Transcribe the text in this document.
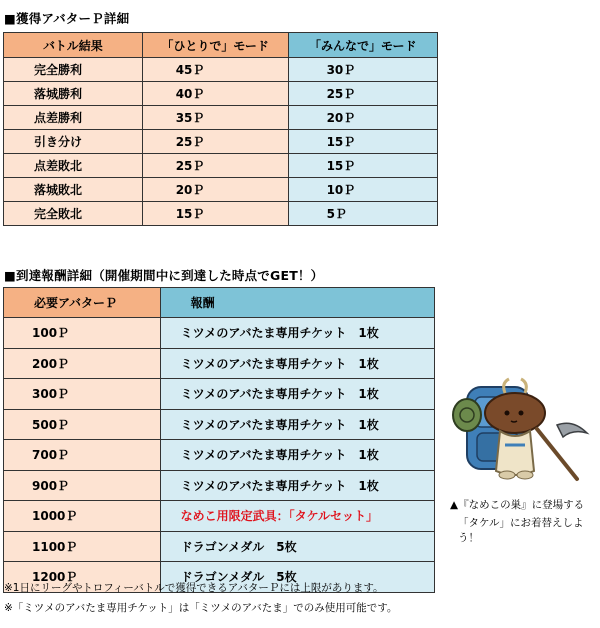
■獲得アバターＰ詳細
バトル結果	「ひとりで」モード	「みんなで」モード
完全勝利	45Ｐ	30Ｐ
落城勝利	40Ｐ	25Ｐ
点差勝利	35Ｐ	20Ｐ
引き分け	25Ｐ	15Ｐ
点差敗北	25Ｐ	15Ｐ
落城敗北	20Ｐ	10Ｐ
完全敗北	15Ｐ	5Ｐ
■到達報酬詳細（開催期間中に到達した時点でGET！）
必要アバターＰ	報酬
100Ｐ	ミツメのアバたま専用チケット　1枚
200Ｐ	ミツメのアバたま専用チケット　1枚
300Ｐ	ミツメのアバたま専用チケット　1枚
500Ｐ	ミツメのアバたま専用チケット　1枚
700Ｐ	ミツメのアバたま専用チケット　1枚
900Ｐ	ミツメのアバたま専用チケット　1枚
1000Ｐ	なめこ用限定武具：「タケルセット」
1100Ｐ	ドラゴンメダル　5枚
1200Ｐ	ドラゴンメダル　5枚
▲『なめこの巣』に登場する
「タケル」にお着替えしよう！
※1日にリーグやトロフィーバトルで獲得できるアバターＰには上限があります。
※「ミツメのアバたま専用チケット」は「ミツメのアバたま」でのみ使用可能です。
